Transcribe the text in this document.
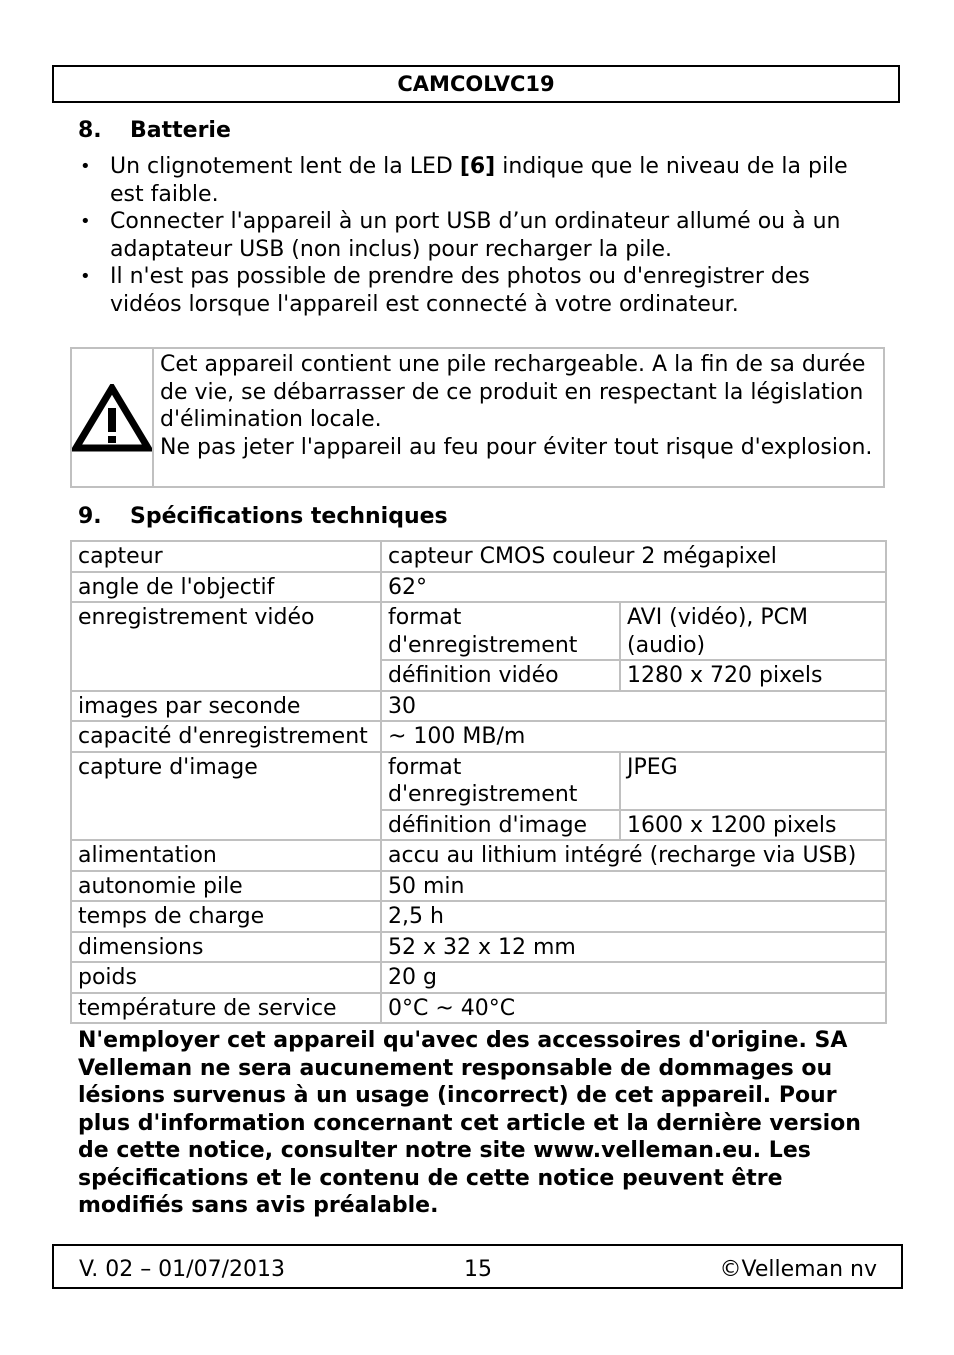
CAMCOLVC19
8.	Batterie
• Un clignotement lent de la LED [6] indique que le niveau de la pile est faible.
• Connecter l'appareil à un port USB d’un ordinateur allumé ou à un adaptateur USB (non inclus) pour recharger la pile.
• Il n'est pas possible de prendre des photos ou d'enregistrer des vidéos lorsque l'appareil est connecté à votre ordinateur.
Cet appareil contient une pile rechargeable. A la fin de sa durée de vie, se débarrasser de ce produit en respectant la législation d'élimination locale.
Ne pas jeter l'appareil au feu pour éviter tout risque d'explosion.
9.	Spécifications techniques
capteur	capteur CMOS couleur 2 mégapixel	
angle de l'objectif	62°	
enregistrement vidéo	format d'enregistrement	AVI (vidéo), PCM (audio)
	définition vidéo	1280 x 720 pixels
images par seconde	30	
capacité d'enregistrement	~ 100 MB/m	
capture d'image	format d'enregistrement	JPEG
	définition d'image	1600 x 1200 pixels
alimentation	accu au lithium intégré (recharge via USB)	
autonomie pile	50 min	
temps de charge	2,5 h	
dimensions	52 x 32 x 12 mm	
poids	20 g	
température de service	0°C ~ 40°C	
N'employer cet appareil qu'avec des accessoires d'origine. SA Velleman ne sera aucunement responsable de dommages ou lésions survenus à un usage (incorrect) de cet appareil. Pour plus d'information concernant cet article et la dernière version de cette notice, consulter notre site www.velleman.eu. Les spécifications et le contenu de cette notice peuvent être modifiés sans avis préalable.
V. 02 – 01/07/2013	15	©Velleman nv
